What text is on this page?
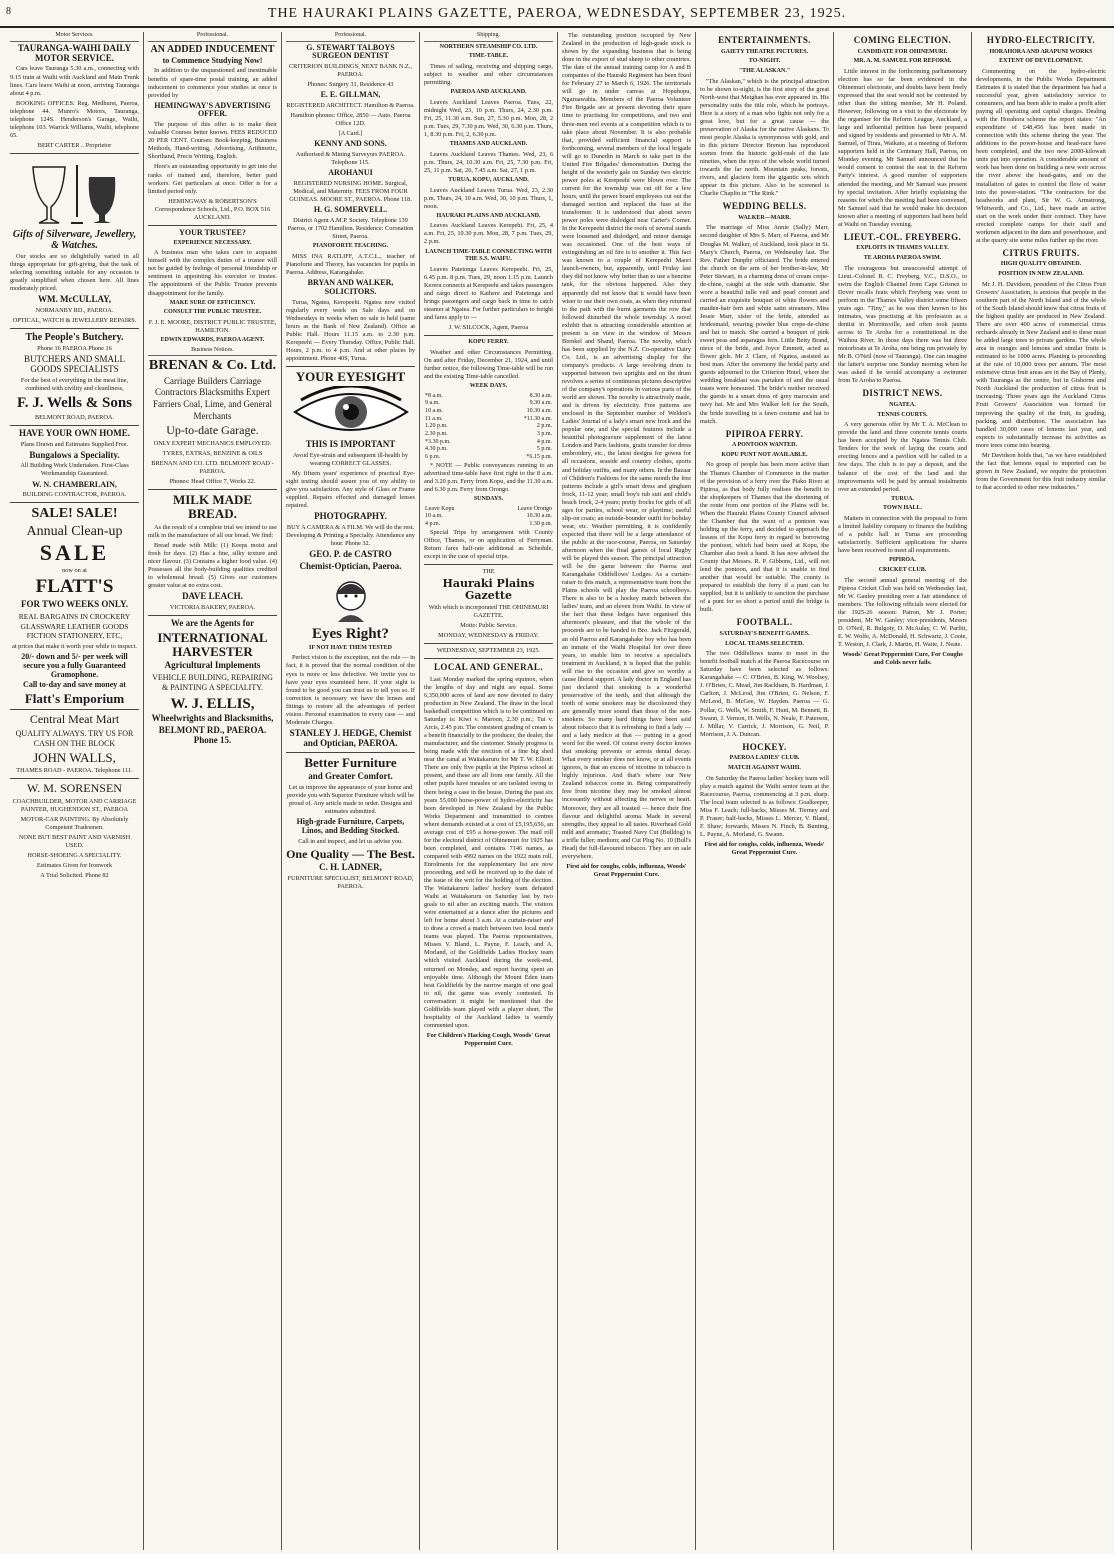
8	THE HAURAKI PLAINS GAZETTE, PAEROA, WEDNESDAY, SEPTEMBER 23, 1925.
Motor Services.
TAURANGA-WAIHI DAILY MOTOR SERVICE.

Cars leave Tauranga 5.30 a.m., connecting with 9.15 train at Waihi with Auckland and Main Trunk lines. Cars leave Waihi at noon, arriving Tauranga about 4 p.m.

BOOKING OFFICES: Reg. Medhurst, Paeroa, telephone 44. Munro's Motors, Tauranga, telephone 124S. Henderson's Garage, Waihi, telephone 103. Warrick Williams, Waihi, telephone 65.

BERT CARTER .. Proprietor

Gifts of Silverware, Jewellery, & Watches.

Our stocks are so delightfully varied in all things appropriate for gift-giving, that the task of selecting something suitable for any occasion is greatly simplified when chosen here. All lines moderately priced.

WM. McCULLAY,

NORMANBY RD., PAEROA.

OPTICAL, WATCH & JEWELLERY REPAIRS.

The People's Butchery.

Phone 16 PAEROA Phone 16

BUTCHERS AND SMALL GOODS SPECIALISTS

For the best of everything in the meat line, combined with civility and cleanliness,

F. J. Wells & Sons

BELMONT ROAD, PAEROA.

HAVE YOUR OWN HOME.

Plans Drawn and Estimates Supplied Free.

Bungalows a Speciality.

All Building Work Undertaken. First-Class Workmanship Guaranteed.

W. N. CHAMBERLAIN,

BUILDING CONTRACTOR, PAEROA.

SALE! SALE!
Annual Clean-up
SALE

now on at

FLATT'S
FOR TWO WEEKS ONLY.

REAL BARGAINS IN CROCKERY GLASSWARE LEATHER GOODS FICTION STATIONERY, ETC,

at prices that make it worth your while to inspect.

20/- down and 5/- per week will secure you a fully Guaranteed Gramophone.
Call to-day and save money at
Flatt's Emporium
Central Meat Mart

QUALITY ALWAYS. TRY US FOR CASH ON THE BLOCK

JOHN WALLS,

THAMES ROAD - PAEROA. Telephone 111.

W. M. SORENSEN

COACHBUILDER, MOTOR AND CARRIAGE PAINTER, HUGHENDON ST., PAEROA

MOTOR-CAR PAINTING. By Absolutely Competent Tradesmen.

NONE BUT BEST PAINT AND VARNISH USED.

HORSE-SHOEING A SPECIALITY.

Estimates Given for Ironwork

A Trial Solicited. Phone 82

Professional.
AN ADDED INDUCEMENT
to Commence Studying Now!

In addition to the unquestioned and inestimable benefits of spare-time postal training, an added inducement to commence your studies at once is provided by

HEMINGWAY'S ADVERTISING OFFER.

The purpose of this offer is to make their valuable Courses better known. FEES REDUCED 20 PER CENT. Courses: Book-keeping, Business Methods, Hand-writing, Advertising, Arithmetic, Shorthand, Precis Writing, English.

Here's an outstanding opportunity to get into the ranks of trained and, therefore, better paid workers. Get particulars at once. Offer is for a limited period only.

HEMINGWAY & ROBERTSON'S Correspondence Schools, Ltd., P.O. BOX 516 AUCKLAND.

YOUR TRUSTEE?
EXPERIENCE NECESSARY.

A business man who takes care to acquaint himself with the complex duties of a trustee will not be guided by feelings of personal friendship or sentiment in appointing his executor or trustee. The appointment of the Public Trustee prevents disappointment for the family.

MAKE SURE OF EFFICIENCY.
CONSULT THE PUBLIC TRUSTEE.

F. J. E. MOORE, DISTRICT PUBLIC TRUSTEE, HAMILTON.

EDWIN EDWARDS, PAEROA AGENT.
Business Notices.
BRENAN & Co. Ltd.

Carriage Builders Carriage Contractors Blacksmiths Expert Farriers Coal, Lime, and General Merchants

Up-to-date Garage.

ONLY EXPERT MECHANICS EMPLOYED.

TYRES, EXTRAS, BENZINE & OILS

BRENAN AND CO. LTD. BELMONT ROAD - PAEROA.

Phones: Head Office 7, Works 22.

MILK MADE BREAD.

As the result of a complete trial we intend to use milk in the manufacture of all our bread. We find:

Bread made with Milk: (1) Keeps moist and fresh for days. (2) Has a fine, silky texture and nicer flavour. (3) Contains a higher food value. (4) Possesses all the body-building qualities credited to wholemeal bread. (5) Gives our customers greater value at no extra cost.

DAVE LEACH.

VICTORIA BAKERY, PAEROA.

We are the Agents for
INTERNATIONAL HARVESTER
Agricultural Implements

VEHICLE BUILDING, REPAIRING & PAINTING A SPECIALITY.

W. J. ELLIS,
Wheelwrights and Blacksmiths,
BELMONT RD., PAEROA. Phone 15.
Professional.
G. STEWART TALBOYS SURGEON DENTIST

CRITERION BUILDINGS, NEXT BANK N.Z., PAEROA.

Phones: Surgery 31, Residence 43

E. E. GILLMAN,

REGISTERED ARCHITECT. Hamilton & Paeroa.

Hamilton phones: Office, 2850 — Auto. Paeroa Office 12D.

[A Card.]

KENNY AND SONS.

Authorised & Mining Surveyors PAEROA. Telephone 115.

AROHANUI

REGISTERED NURSING HOME. Surgical, Medical, and Maternity. FEES FROM FOUR GUINEAS. MOORE ST., PAEROA. Phone 118.

H. G. SOMERVELL.

District Agent A.M.P. Society. Telephone 139 Paeroa, or 1702 Hamilton. Residence: Coronation Street, Paeroa.

PIANOFORTE TEACHING.

MISS INA RATLIFF, A.T.C.L., teacher of Pianoforte and Theory, has vacancies for pupils in Paeroa. Address, Karangahake.

BRYAN AND WALKER, SOLICITORS.

Turua, Ngatea, Kerepeehi. Ngatea now visited regularly every week on Sale days and on Wednesdays in weeks when no sale is held (same hours as the Bank of New Zealand). Office at Public Hall. Hours 11.15 a.m. to 2.30 p.m. Kerepeehi — Every Thursday. Office, Public Hall. Hours, 2 p.m. to 4 p.m. And at other places by appointment. Phone 40S, Turua.

YOUR EYESIGHT
THIS IS IMPORTANT

Avoid Eye-strain and subsequent ill-health by wearing CORRECT GLASSES.

My fifteen years' experience of practical Eye-sight testing should assure you of my ability to give you satisfaction. Any style of Glass or Frame supplied. Repairs effected and damaged lenses repaired.

PHOTOGRAPHY.

BUY A CAMERA & A FILM. We will do the rest. Developing & Printing a Specialty. Attendance any hour. Phone 32.

GEO. P. de CASTRO
Chemist-Optician, Paeroa.
Eyes Right?
IF NOT HAVE THEM TESTED

Perfect vision is the exception, not the rule — in fact, it is proved that the normal condition of the eyes is more or less defective. We invite you to have your eyes examined here. If your sight is found to be good you can trust us to tell you so. If correction is necessary we have the lenses and fittings to restore all the advantages of perfect vision. Personal examination in every case — and Moderate Charges.

STANLEY J. HEDGE, Chemist and Optician, PAEROA.
Better Furniture
and Greater Comfort.

Let us improve the appearance of your home and provide you with Superior Furniture which will be proud of. Any article made to order. Designs and estimates submitted.

High-grade Furniture, Carpets, Linos, and Bedding Stocked.

Call in and inspect, and let us advise you.

One Quality — The Best.
C. H. LADNER,

FURNITURE SPECIALIST, BELMONT ROAD, PAEROA.

Shipping.
NORTHERN STEAMSHIP CO. LTD.
TIME-TABLE.

Times of sailing, receiving and shipping cargo, subject to weather and other circumstances permitting.

PAEROA AND AUCKLAND.

Leaves Auckland Leaves Paeroa. Tues, 22, midnight Wed, 23, 10 p.m. Thurs, 24, 2.30 p.m. Fri, 25, 11.30 a.m. Sun, 27, 5.30 p.m. Mon, 28, 2 p.m. Tues, 29, 7.30 p.m. Wed, 30, 6.30 p.m. Thurs, 1, 8.30 p.m. Fri, 2, 6.30 p.m.

THAMES AND AUCKLAND.

Leaves Auckland Leaves Thames. Wed, 23, 6 p.m. Thurs, 24, 10.30 a.m. Fri, 25, 7.30 p.m. Fri, 25, 11 p.m. Sat, 26, 7.45 a.m. Sat, 27, 1 p.m.

TURUA, KOPU, AUCKLAND.

Leaves Auckland Leaves Turua. Wed, 23, 2.30 p.m. Thurs, 24, 10 a.m. Wed, 30, 10 p.m. Thurs, 1, noon.

HAURAKI PLAINS AND AUCKLAND.

Leaves Auckland Leaves Kerepehi. Fri, 25, 4 a.m. Fri, 25, 10.30 p.m. Mon, 28, 7 p.m. Tues, 29, 2 p.m.

LAUNCH TIME-TABLE CONNECTING WITH THE S.S. WAIFU.

Leaves Patetonga Leaves Kerepeehi. Fri, 25, 6.45 p.m. 8 p.m. Tues, 29, noon 1.15 p.m. Launch Kereru connects at Kerepeehi and takes passengers and cargo direct to Kaihere and Patetonga and brings passengers and cargo back in time to catch steamer at Ngatea. For further particulars to freight and fares apply to —

J. W. SILCOCK, Agent, Paeroa

KOPU FERRY.

Weather and other Circumstances Permitting. On and after Friday, December 21, 1924, and until further notice, the following Time-table will be run and the existing Time-table cancelled.

WEEK DAYS.
*8 a.m.	8.30 a.m.
9 a.m.	9.30 a.m.
10 a.m.	10.30 a.m.
11 a.m.	*11.30 a.m.
1.20 p.m.	2 p.m.
2.30 p.m.	3 p.m.
*3.30 p.m.	4 p.m.
4.30 p.m.	5 p.m.
6 p.m.	*6.15 p.m.

* NOTE — Public conveyances running to an advertised time-table have first right to the 8 a.m. and 3.20 p.m. Ferry from Kopu, and the 11.30 a.m. and 6.30 p.m. Ferry from Orongo.

SUNDAYS.
Leave Kopu	Leave Orongo
10 a.m.	10.30 a.m.
4 p.m.	1.30 p.m.

Special Trips by arrangement with County Office, Thames, or on application of Ferryman. Return fares half-rate additional as Schedule, except in the case of special trips.

THE

Hauraki Plains Gazette

With which is incorporated THE OHINEMURI GAZETTE.

Motto: Public Service.

MONDAY, WEDNESDAY & FRIDAY.

WEDNESDAY, SEPTEMBER 23, 1925.

LOCAL AND GENERAL.

Last Monday marked the spring equinox, when the lengths of day and night are equal. Some 6,350,000 acres of land are now devoted to dairy production in New Zealand. The draw in the local basketball competition which is to be continued on Saturday is: Kiwi v. Maroon, 2.30 p.m.; Tui v. Arcis, 2.45 p.m. The consistent grading of cream is a benefit financially to the producer, the dealer, the manufacturer, and the customer. Steady progress is being made with the erection of a fine big shed near the canal at Waitakaruru for Mr T. W. Elliott. There are only five pupils at the Pipiroa school at present, and these are all from one family. All the other pupils have measles or are isolated owing to there being a case in the house. During the past six years 55,000 horse-power of hydro-electricity has been developed in New Zealand by the Public Works Department and transmitted to centres where demands existed at a cost of £5,195,656, an average cost of £95 a horse-power. The mail roll for the electoral district of Ohinemuri for 1925 has been completed, and contains 7146 names, as compared with 4992 names on the 1922 main roll. Enrolments for the supplementary list are now proceeding, and will be received up to the date of the issue of the writ for the holding of the election. The Waitakaruru ladies' hockey team defeated Waihi at Waitakaruru on Saturday last by two goals to nil after an exciting match. The visitors were entertained at a dance after the pictures and left for home about 3 a.m. At a curtain-raiser and to draw a crowd a match between two local men's teams was played. The Paeroa representatives, Misses V. Bland, L. Payne, F. Leach, and A. Morland, of the Goldfields Ladies Hockey team which visited Auckland during the week-end, returned on Monday, and report having spent an enjoyable time. Although the Mount Eden team beat Goldfields by the narrow margin of one goal to nil, the game was evenly contested. In conversation it might be mentioned that the Goldfields team played with a player short. The hospitality of the Auckland ladies is warmly commented upon.

For Children's Hacking Cough, Woods' Great Peppermint Cure.

The outstanding position occupied by New Zealand in the production of high-grade stock is shown by the expanding business that is being done in the export of stud sheep to other countries. The date of the annual training camp for A and B companies of the Hauraki Regiment has been fixed for February 27 to March 6, 1926. The territorials will go in under canvas at Hopuhopu, Ngaruawahia. Members of the Paeroa Volunteer Fire Brigade are at present devoting their spare time to practising for competitions, and two and three-men reel events at a competition which is to take place about November. It is also probable that, provided sufficient financial support is forthcoming, several members of the local brigade will go to Dunedin in March to take part in the United Fire Brigades' demonstration. During the height of the westerly gale on Sunday two electric power poles at Kerepeehi were blown over. The current for the township was cut off for a few hours, until the power board employees cut out the damaged section and replaced the fuse at the transformer. It is understood that about seven power poles were dislodged near Carter's Corner. In the Kerepeehi district the roofs of several stands were loosened and dislodged, and minor damage was occasioned. One of the best ways of extinguishing an oil fire is to smother it. This fact was known to a couple of Kerepeehi Maori launch-owners, but, apparently, until Friday last they did not know why better than to use a benzine tank, for the obvious happened. Also they apparently did not know that it would have been wiser to use their own coats, as when they returned to the path with the burnt garments the row that followed disturbed the whole township. A novel exhibit that is attracting considerable attention at present is on view in the window of Messrs Brenkel and Shand, Paeroa. The novelty, which has been supplied by the N.Z. Co-operative Dairy Co. Ltd., is an advertising display for the company's products. A large revolving drum is supported between two uprights and on the drum revolves a series of continuous pictures descriptive of the company's operations in various parts of the world are shown. The novelty is attractively made, and is driven by electricity. Free patterns are enclosed in the September number of Weldon's Ladies' Journal of a lady's smart new frock and the popular one, and the special features include a beautiful photogravure supplement of the latest London and Paris fashions, gratis transfer for dress embroidery, etc., the latest designs for gowns for all occasions, seaside and country clothes, sports and holiday outfits, and many others. In the Bazaar of Children's Fashions for the same month the free patterns include a girl's smart dress and gingham frock, 11-12 year; small boy's tub suit and child's beach frock, 2-4 years; pretty frocks for girls of all ages for parties, school wear, or playtime; useful slip-on coats; an outside-bounder outfit for holiday wear, etc. Weather permitting, it is confidently expected that there will be a large attendance of the public at the race-course, Paeroa, on Saturday afternoon when the final games of local Rugby will be played this season. The principal attraction will be the game between the Paeroa and Karangahake Oddfellows' Lodges. As a curtain-raiser to this match, a representative team from the Plains schools will play the Paeroa schoolboys. There is also to be a hockey match between the ladies' team, and an eleven from Waihi. In view of the fact that these lodges have organised this afternoon's pleasure, and that the whole of the proceeds are to be handed to Bro. Jack Fitzgerald, an old Paeroa and Karangahake boy who has been an inmate of the Waihi Hospital for over three years, to enable him to receive a specialist's treatment in Auckland, it is hoped that the public will rise to the occasion and give so worthy a cause liberal support. A lady doctor in England has just declared that smoking is a wonderful preservative of the teeth, and that although the tooth of some smokers may be discoloured they are generally more sound than those of the non-smokers. So many hard things have been said about tobacco that it is refreshing to find a lady — and a lady medico at that — putting in a good word for the weed. Of course every doctor knows that smoking prevents or arrests dental decay. What every smoker does not know, or at all events ignores, is that an excess of nicotine in tobacco is highly injurious. And that's where our New Zealand tobaccos come in. Being comparatively free from nicotine they may be smoked almost incessantly without affecting the nerves or heart. Moreover, they are all toasted — hence their fine flavour and delightful aroma. Made in several strengths, they appeal to all tastes. Riverhead Gold mild and aromatic; Toasted Navy Cut (Bulldog) is a trifle fuller; medium; and Cut Plug No. 10 (Bull's Head) the full-flavoured tobacco. They are on sale everywhere.

First aid for coughs, colds, influenza, Woods' Great Peppermint Cure.

ENTERTAINMENTS.
GAIETY THEATRE PICTURES.
TO-NIGHT.
"THE ALASKAN."

"The Alaskan," which is the principal attraction to be shown to-night, is the first story of the great North-west that Meighan has ever appeared in. His personality suits the title role, which he portrays. Here is a story of a man who fights not only for a great love, but for a great cause — the preservation of Alaska for the native Alaskans. To most people Alaska is synonymous with gold, and in this picture Director Brenon has reproduced scenes from the historic gold-rush of the late nineties, when the eyes of the whole world turned towards the far north. Mountain peaks, forests, rivers, and glaciers form the gigantic sets which appear in this picture. Also to be screened is Charlie Chaplin in "The Rink."

WEDDING BELLS.
WALKER—MARR.

The marriage of Miss Annie (Sally) Marr, second daughter of Mrs S. Marr, of Paeroa, and Mr Douglas M. Walker, of Auckland, took place in St. Mary's Church, Paeroa, on Wednesday last. The Rev. Father Dunphy officiated. The bride entered the church on the arm of her brother-in-law, Mr Peter Stewart, in a charming dress of cream crepe-de-chine, caught at the side with diamante. She wore a beautiful tulle veil and pearl coronet and carried an exquisite bouquet of white flowers and maiden-hair fern and white satin streamers. Miss Jessie Marr, sister of the bride, attended as bridesmaid, wearing powder blue crepe-de-chine and hat to match. She carried a bouquet of pink sweet peas and asparagus fern. Little Betty Brand, niece of the bride, and Joyce Emmett, acted as flower girls. Mr J. Clare, of Ngatea, assisted as best man. After the ceremony the bridal party and guests adjourned to the Criterion Hotel, where the wedding breakfast was partaken of and the usual toasts were honoured. The bride's mother received the guests in a smart dress of grey marocain and navy hat. Mr and Mrs Walker left for the South, the bride travelling in a fawn costume and hat to match.

PIPIROA FERRY.
A PONTOON WANTED.
KOPU PUNT NOT AVAILABLE.

No group of people has been more active than the Thames Chamber of Commerce in the matter of the provision of a ferry over the Piako River at Pipiroa, as that body fully realises the benefit to the shopkeepers of Thames that the shortening of the route from one portion of the Plains will be. When the Hauraki Plains County Council advised the Chamber that the want of a pontoon was holding up the ferry, and decided to approach the lessees of the Kopu ferry in regard to borrowing the pontoon, which had been used at Kopu, the Chamber also took a hand. It has now advised the County that Messrs. R. P. Gibbons, Ltd., will not lend the pontoon, and that it is unable to find another that would be suitable. The county is prepared to establish the ferry if a punt can be supplied, but it is unlikely to sanction the purchase of a punt for so short a period until the bridge is built.

FOOTBALL.
SATURDAY'S BENEFIT GAMES.
LOCAL TEAMS SELECTED.

The two Oddfellows teams to meet in the benefit football match at the Paeroa Racecourse on Saturday have been selected as follows: Karangahake — C. O'Brien, B. King, W. Woolsey, J. O'Brien, C. Mead, Jim Rackham, B. Hardman, J. Carlton, J. McLeod, Jim O'Brien, G. Nelson, F. McLeod, B. McGee, W. Hayden. Paeroa — G. Pollar, G. Wells, W. Smith, F. Hunt, M. Bennett, B. Swann, J. Vernon, H. Wells, N. Neale, F. Paterson, J. Millar, V. Carrick, J. Morrison, G. Neil, P. Morrison, J. A. Duncan.

HOCKEY.
PAEROA LADIES' CLUB.
MATCH AGAINST WAIHI.

On Saturday the Paeroa ladies' hockey team will play a match against the Waihi senior team at the Racecourse, Paeroa, commencing at 3 p.m. sharp. The local team selected is as follows: Goalkeeper, Miss F. Leach; full-backs, Misses M. Tierney and P. Fraser; half-backs, Misses L. Mercer, V. Bland, F. Shaw; forwards, Misses N. Finch, B. Bunting, L. Payne, A. Morland, G. Swann.

First aid for coughs, colds, influenza, Woods' Great Peppermint Cure.

COMING ELECTION.
CANDIDATE FOR OHINEMURI.
MR. A. M. SAMUEL FOR REFORM.

Little interest in the forthcoming parliamentary election has so far been evidenced in the Ohinemuri electorate, and doubts have been freely expressed that the seat would not be contested by other than the sitting member, Mr H. Poland. However, following on a visit to the electorate by the organiser for the Reform League, Auckland, a large and influential petition has been prepared and signed by residents and presented to Mr A. M. Samuel, of Tirau, Waikato, at a meeting of Reform supporters held in the Centenary Hall, Paeroa, on Monday evening. Mr Samuel announced that he would consent to contest the seat in the Reform Party's interest. A good number of supporters attended the meeting, and Mr Samuel was present by special invitation. After briefly explaining the reasons for which the meeting had been convened, Mr Samuel said that he would make his decision known after a meeting of supporters had been held at Waihi on Tuesday evening.

LIEUT.-COL. FREYBERG.
EXPLOITS IN THAMES VALLEY.
TE AROHA PAEROA SWIM.

The courageous but unsuccessful attempt of Lieut.-Colonel B. C. Freyberg, V.C., D.S.O., to swim the English Channel from Cape Grisnez to Dover recalls feats which Freyberg was wont to perform in the Thames Valley district some fifteen years ago. "Tiny," as he was then known to his intimates, was practising at his profession as a dentist in Morrinsville, and often took jaunts across to Te Aroha for a constitutional in the Waihou River. In those days there was but three motorboats at Te Aroha, one being run privately by Mr B. O'Neil (now of Tauranga). One can imagine the latter's surprise one Sunday morning when he was asked if he would accompany a swimmer from Te Aroha to Paeroa.

DISTRICT NEWS.
NGATEA.
TENNIS COURTS.

A very generous offer by Mr T. A. McClean to provide the land and three concrete tennis courts has been accepted by the Ngatea Tennis Club. Tenders for the work of laying the courts and erecting fences and a pavilion will be called in a few days. The club is to pay a deposit, and the balance of the cost of the land and the improvements will be paid by annual instalments over an extended period.

TURUA.
TOWN HALL.

Matters in connection with the proposal to form a limited liability company to finance the building of a public hall in Turua are proceeding satisfactorily. Sufficient applications for shares have been received to meet all requirements.

PIPIROA.
CRICKET CLUB.

The second annual general meeting of the Pipiroa Cricket Club was held on Wednesday last, Mr W. Ganley presiding over a fair attendance of members. The following officials were elected for the 1925-26 season: Patron, Mr J. Porter; president, Mr W. Ganley; vice-presidents, Messrs D. O'Neil, R. Bulgoty, D. McAulay, C. W. Parfitt, E. W. Wolfe, A. McDonald, H. Schwartz, J. Coote, T. Weston, J. Clark, J. Martin, H. Waite, J. Neate.

Woods' Great Peppermint Cure, For Coughs and Colds never fails.

HYDRO-ELECTRICITY.
HORAHORA AND ARAPUNI WORKS
EXTENT OF DEVELOPMENT.

Commenting on the hydro-electric developments, in the Public Works Department Estimates it is stated that the department has had a successful year, given satisfactory service to consumers, and has been able to make a profit after paying all operating and capital charges. Dealing with the Horahora scheme the report states: "An expenditure of £48,456 has been made in connection with this scheme during the year. The additions to the power-house and head-race have been completed, and the two new 2000-kilowatt units put into operation. A considerable amount of work has been done on building a new weir across the river above the head-gates, and on the installation of gates to control the flow of water into the power-station. "The contractors for the headworks and plant, Sir W. G. Armstrong, Whitworth, and Co., Ltd., have made an active start on the work under their contract. They have erected complete camps for their staff and workmen adjacent to the dam and powerhouse, and at the quarry site some miles further up the river.

CITRUS FRUITS.
HIGH QUALITY OBTAINED.
POSITION IN NEW ZEALAND.

Mr J. H. Davidson, president of the Citrus Fruit Growers' Association, is anxious that people in the southern part of the North Island and of the whole of the South Island should know that citrus fruits of the highest quality are produced in New Zealand. There are over 400 acres of commercial citrus orchards already in New Zealand and to these must be added large trees to private gardens. The whole area in oranges and lemons and similar fruits is estimated to be 1000 acres. Planting is proceeding at the rate of 10,000 trees per annum. The most extensive citrus fruit areas are in the Bay of Plenty, with Tauranga as the centre, but in Gisborne and North Auckland the production of citrus fruit is increasing. Three years ago the Auckland Citrus Fruit Growers' Association was formed for improving the quality of the fruit, its grading, packing, and distribution. The association has handled 30,000 cases of lemons last year, and expects to substantially increase its activities as more trees come into bearing.

Mr Davidson holds that, "as we have established the fact that lemons equal to imported can be grown in New Zealand, we require the protection from the Government for this fruit industry similar to that accorded to other new industries."
